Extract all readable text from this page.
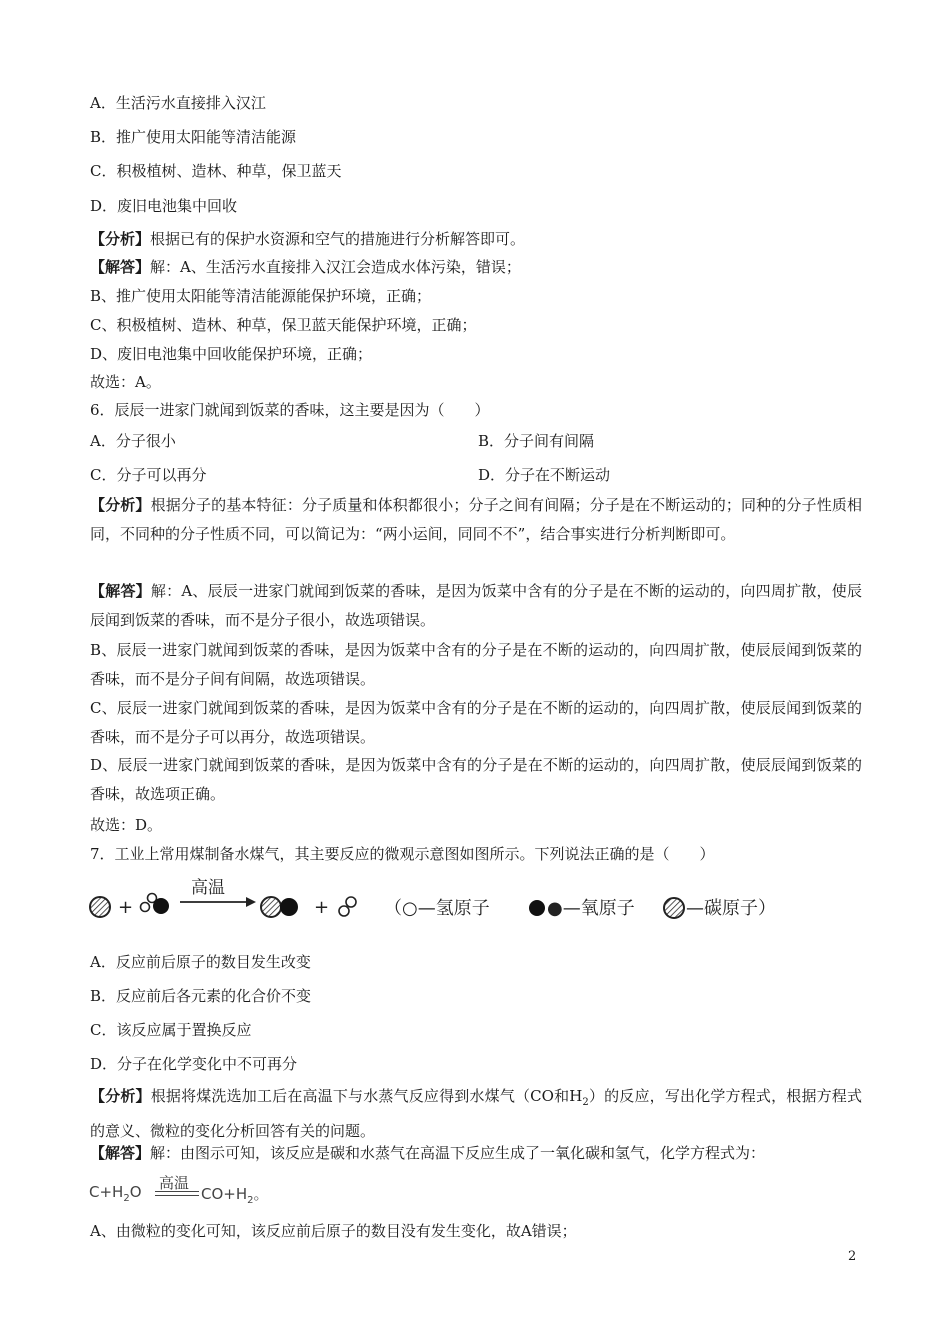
A．生活污水直接排入汉江
B．推广使用太阳能等清洁能源
C．积极植树、造林、种草，保卫蓝天
D．废旧电池集中回收
【分析】根据已有的保护水资源和空气的措施进行分析解答即可。
【解答】解：A、生活污水直接排入汉江会造成水体污染，错误；
B、推广使用太阳能等清洁能源能保护环境，正确；
C、积极植树、造林、种草，保卫蓝天能保护环境，正确；
D、废旧电池集中回收能保护环境，正确；
故选：A。
6．辰辰一进家门就闻到饭菜的香味，这主要是因为（　　）
A．分子很小	B．分子间有间隔
C．分子可以再分	D．分子在不断运动
【分析】根据分子的基本特征：分子质量和体积都很小；分子之间有间隔；分子是在不断运动的；同种的分子性质相同，不同种的分子性质不同，可以简记为：“两小运间，同同不不”，结合事实进行分析判断即可。
【解答】解：A、辰辰一进家门就闻到饭菜的香味，是因为饭菜中含有的分子是在不断的运动的，向四周扩散，使辰辰闻到饭菜的香味，而不是分子很小，故选项错误。
B、辰辰一进家门就闻到饭菜的香味，是因为饭菜中含有的分子是在不断的运动的，向四周扩散，使辰辰闻到饭菜的香味，而不是分子间有间隔，故选项错误。
C、辰辰一进家门就闻到饭菜的香味，是因为饭菜中含有的分子是在不断的运动的，向四周扩散，使辰辰闻到饭菜的香味，而不是分子可以再分，故选项错误。
D、辰辰一进家门就闻到饭菜的香味，是因为饭菜中含有的分子是在不断的运动的，向四周扩散，使辰辰闻到饭菜的香味，故选项正确。
故选：D。
7．工业上常用煤制备水煤气，其主要反应的微观示意图如图所示。下列说法正确的是（　　）
+
高温
+	（○—氢原子	●—氧原子	—碳原子）
A．反应前后原子的数目发生改变
B．反应前后各元素的化合价不变
C．该反应属于置换反应
D．分子在化学变化中不可再分
【分析】根据将煤洗选加工后在高温下与水蒸气反应得到水煤气（CO和$H_2$）的反应，写出化学方程式，根据方程式的意义、微粒的变化分析回答有关的问题。
【解答】解：由图示可知，该反应是碳和水蒸气在高温下反应生成了一氧化碳和氢气，化学方程式为：
$C+H_2O$ 高温
$CO+H_2$。
A、由微粒的变化可知，该反应前后原子的数目没有发生变化，故A错误；
2
